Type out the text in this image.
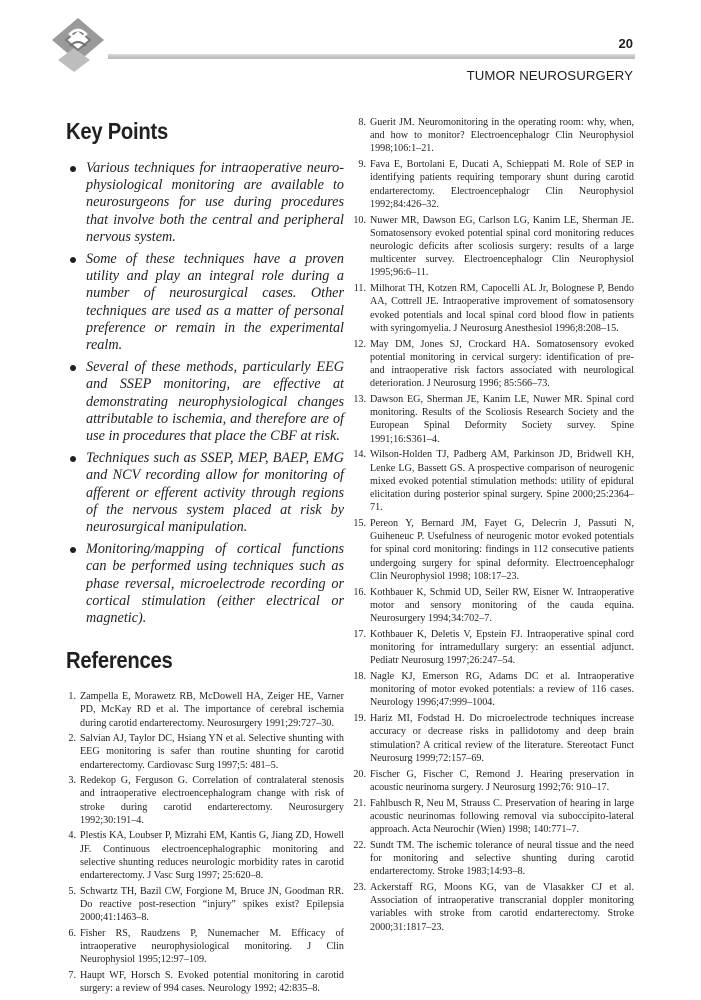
20
TUMOR NEUROSURGERY
Key Points
Various techniques for intraoperative neurophysiological monitoring are available to neurosurgeons for use during procedures that involve both the central and peripheral nervous system.
Some of these techniques have a proven utility and play an integral role during a number of neurosurgical cases. Other techniques are used as a matter of personal preference or remain in the experimental realm.
Several of these methods, particularly EEG and SSEP monitoring, are effective at demonstrating neurophysiological changes attributable to ischemia, and therefore are of use in procedures that place the CBF at risk.
Techniques such as SSEP, MEP, BAEP, EMG and NCV recording allow for monitoring of afferent or efferent activity through regions of the nervous system placed at risk by neurosurgical manipulation.
Monitoring/mapping of cortical functions can be performed using techniques such as phase reversal, microelectrode recording or cortical stimulation (either electrical or magnetic).
References
1. Zampella E, Morawetz RB, McDowell HA, Zeiger HE, Varner PD, McKay RD et al. The importance of cerebral ischemia during carotid endarterectomy. Neurosurgery 1991;29:727–30.
2. Salvian AJ, Taylor DC, Hsiang YN et al. Selective shunting with EEG monitoring is safer than routine shunting for carotid endarterectomy. Cardiovasc Surg 1997;5: 481–5.
3. Redekop G, Ferguson G. Correlation of contralateral stenosis and intraoperative electroencephalogram change with risk of stroke during carotid endarterectomy. Neurosurgery 1992;30:191–4.
4. Plestis KA, Loubser P, Mizrahi EM, Kantis G, Jiang ZD, Howell JF. Continuous electroencephalographic monitoring and selective shunting reduces neurologic morbidity rates in carotid endarterectomy. J Vasc Surg 1997; 25:620–8.
5. Schwartz TH, Bazil CW, Forgione M, Bruce JN, Goodman RR. Do reactive post-resection “injury” spikes exist? Epilepsia 2000;41:1463–8.
6. Fisher RS, Raudzens P, Nunemacher M. Efficacy of intraoperative neurophysiological monitoring. J Clin Neurophysiol 1995;12:97–109.
7. Haupt WF, Horsch S. Evoked potential monitoring in carotid surgery: a review of 994 cases. Neurology 1992; 42:835–8.
8. Guerit JM. Neuromonitoring in the operating room: why, when, and how to monitor? Electroencephalogr Clin Neurophysiol 1998;106:1–21.
9. Fava E, Bortolani E, Ducati A, Schieppati M. Role of SEP in identifying patients requiring temporary shunt during carotid endarterectomy. Electroencephalogr Clin Neurophysiol 1992;84:426–32.
10. Nuwer MR, Dawson EG, Carlson LG, Kanim LE, Sherman JE. Somatosensory evoked potential spinal cord monitoring reduces neurologic deficits after scoliosis surgery: results of a large multicenter survey. Electroencephalogr Clin Neurophysiol 1995;96:6–11.
11. Milhorat TH, Kotzen RM, Capocelli AL Jr, Bolognese P, Bendo AA, Cottrell JE. Intraoperative improvement of somatosensory evoked potentials and local spinal cord blood flow in patients with syringomyelia. J Neurosurg Anesthesiol 1996;8:208–15.
12. May DM, Jones SJ, Crockard HA. Somatosensory evoked potential monitoring in cervical surgery: identification of pre- and intraoperative risk factors associated with neurological deterioration. J Neurosurg 1996; 85:566–73.
13. Dawson EG, Sherman JE, Kanim LE, Nuwer MR. Spinal cord monitoring. Results of the Scoliosis Research Society and the European Spinal Deformity Society survey. Spine 1991;16:S361–4.
14. Wilson-Holden TJ, Padberg AM, Parkinson JD, Bridwell KH, Lenke LG, Bassett GS. A prospective comparison of neurogenic mixed evoked potential stimulation methods: utility of epidural elicitation during posterior spinal surgery. Spine 2000;25:2364–71.
15. Pereon Y, Bernard JM, Fayet G, Delecrin J, Passuti N, Guiheneuc P. Usefulness of neurogenic motor evoked potentials for spinal cord monitoring: findings in 112 consecutive patients undergoing surgery for spinal deformity. Electroencephalogr Clin Neurophysiol 1998; 108:17–23.
16. Kothbauer K, Schmid UD, Seiler RW, Eisner W. Intraoperative motor and sensory monitoring of the cauda equina. Neurosurgery 1994;34:702–7.
17. Kothbauer K, Deletis V, Epstein FJ. Intraoperative spinal cord monitoring for intramedullary surgery: an essential adjunct. Pediatr Neurosurg 1997;26:247–54.
18. Nagle KJ, Emerson RG, Adams DC et al. Intraoperative monitoring of motor evoked potentials: a review of 116 cases. Neurology 1996;47:999–1004.
19. Hariz MI, Fodstad H. Do microelectrode techniques increase accuracy or decrease risks in pallidotomy and deep brain stimulation? A critical review of the literature. Stereotact Funct Neurosurg 1999;72:157–69.
20. Fischer G, Fischer C, Remond J. Hearing preservation in acoustic neurinoma surgery. J Neurosurg 1992;76: 910–17.
21. Fahlbusch R, Neu M, Strauss C. Preservation of hearing in large acoustic neurinomas following removal via suboccipito-lateral approach. Acta Neurochir (Wien) 1998; 140:771–7.
22. Sundt TM. The ischemic tolerance of neural tissue and the need for monitoring and selective shunting during carotid endarterectomy. Stroke 1983;14:93–8.
23. Ackerstaff RG, Moons KG, van de Vlasakker CJ et al. Association of intraoperative transcranial doppler monitoring variables with stroke from carotid endarterectomy. Stroke 2000;31:1817–23.
